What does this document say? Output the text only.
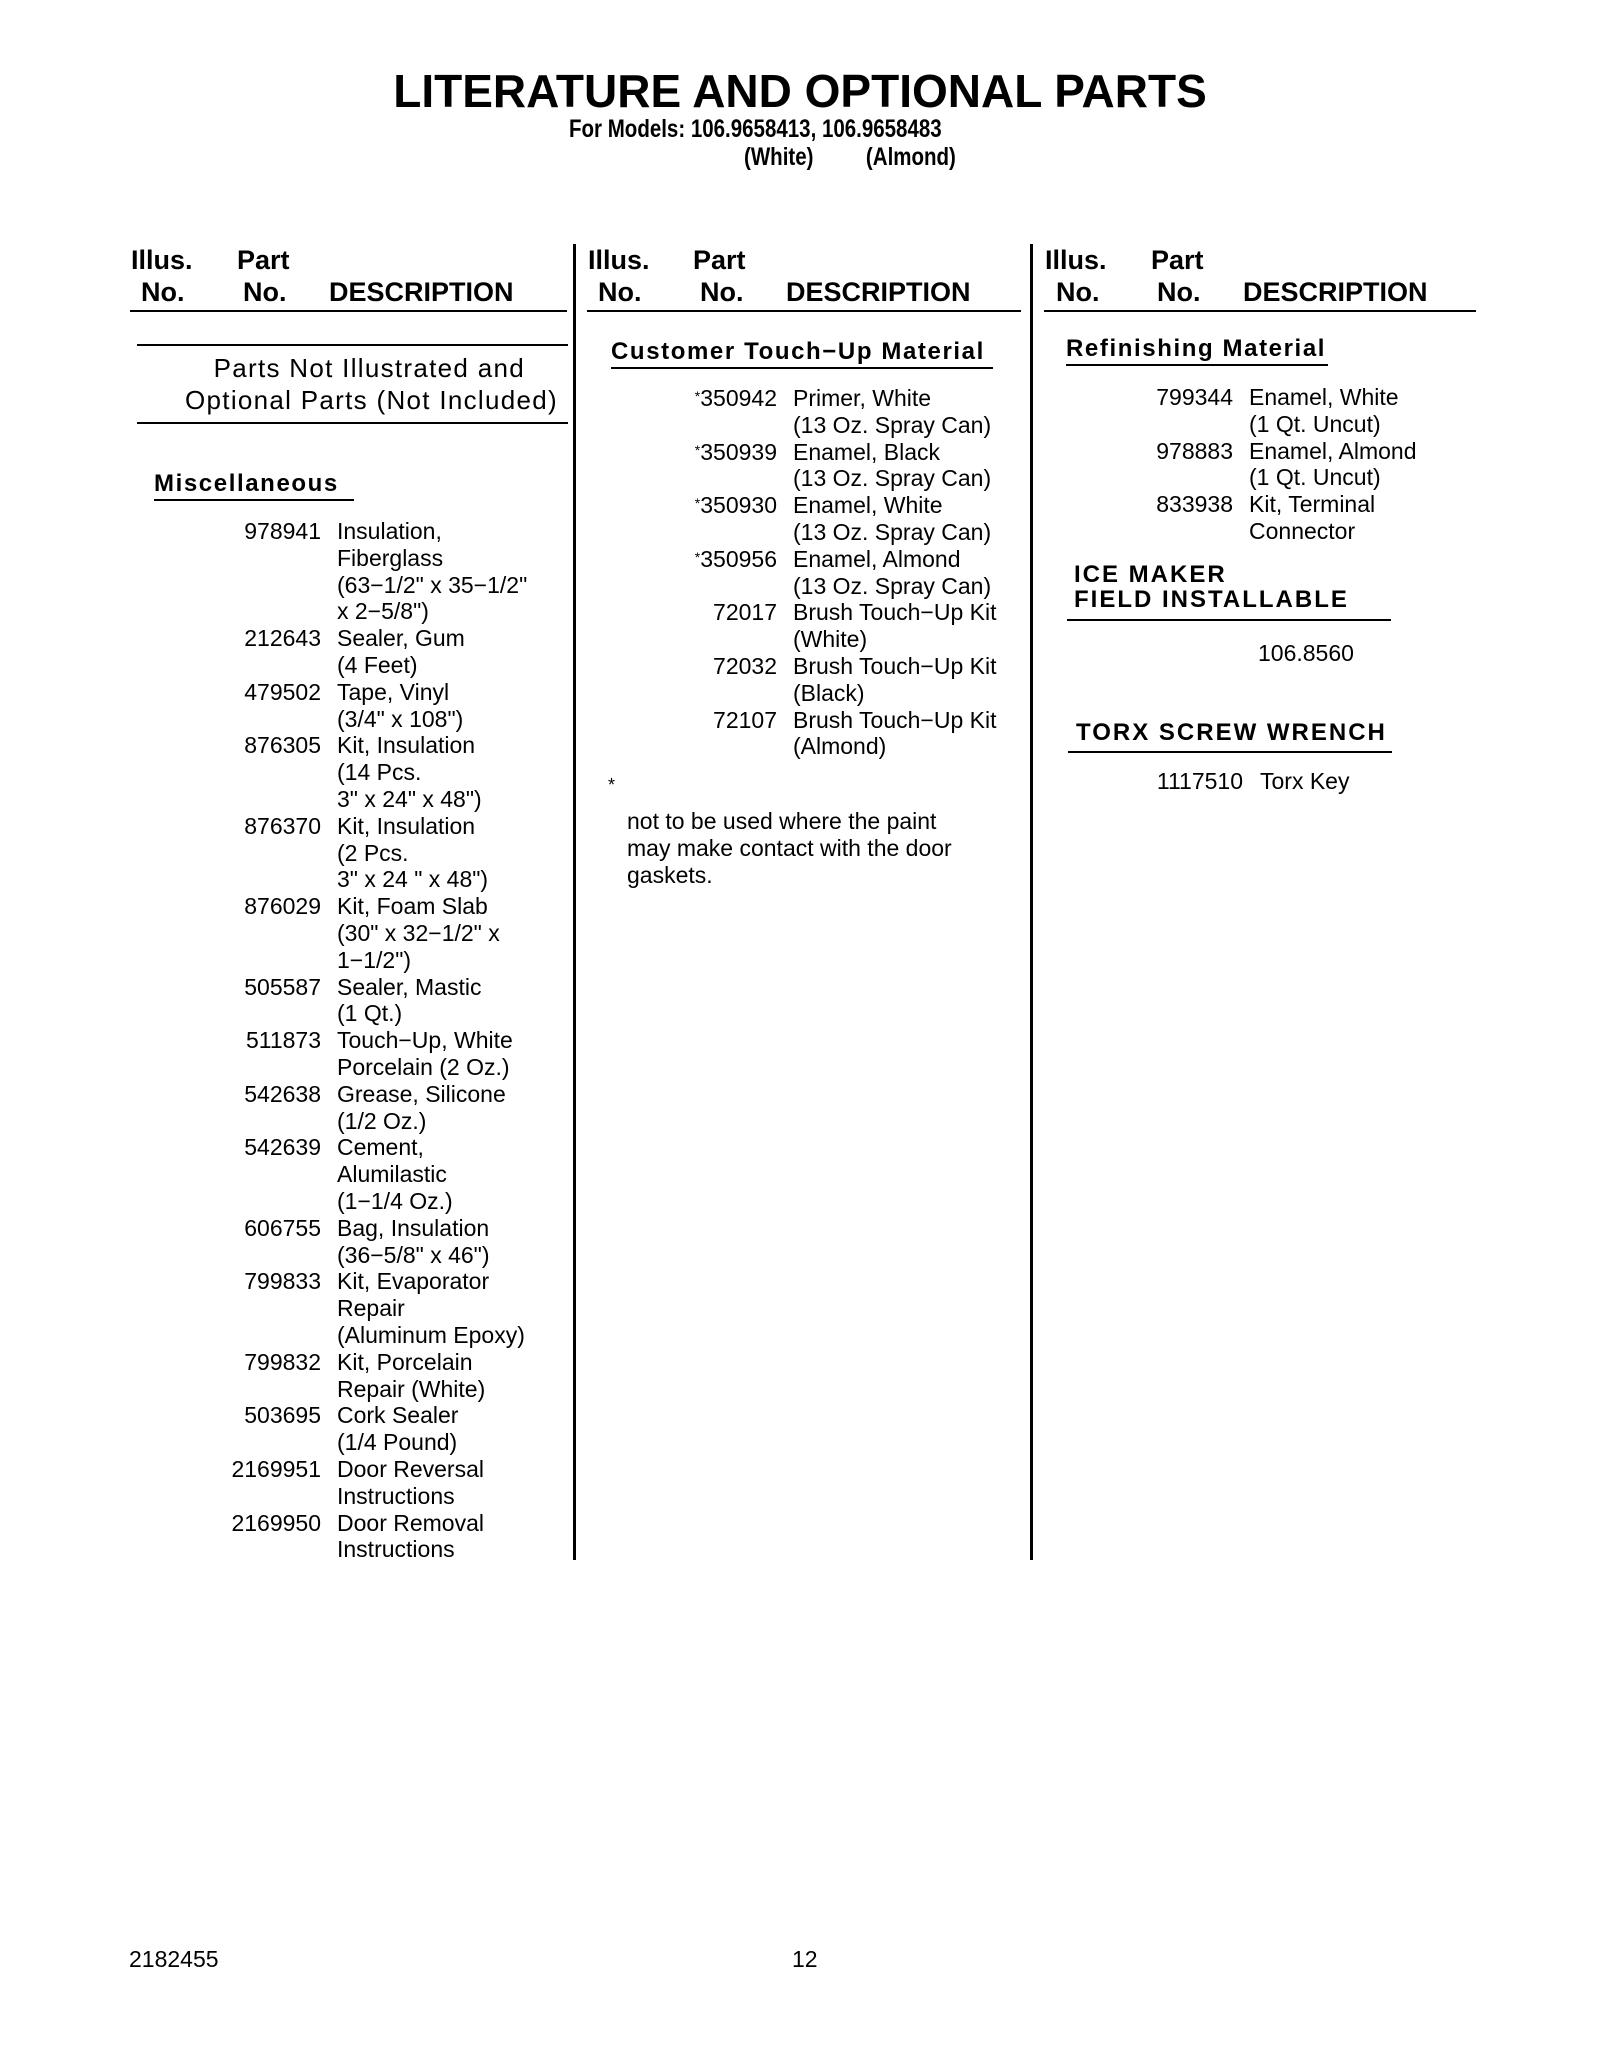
LITERATURE AND OPTIONAL PARTS
For Models: 106.9658413, 106.9658483
(White) (Almond)
Illus. Part
No. No. DESCRIPTION
Illus. Part
No. No. DESCRIPTION
Illus. Part
No. No. DESCRIPTION
Parts Not Illustrated and
Optional Parts (Not Included)
Miscellaneous
978941 Insulation,
Fiberglass
(63−1/2" x 35−1/2"
x 2−5/8")
212643 Sealer, Gum
(4 Feet)
479502 Tape, Vinyl
(3/4" x 108")
876305 Kit, Insulation
(14 Pcs.
3" x 24" x 48")
876370 Kit, Insulation
(2 Pcs.
3" x 24 " x 48")
876029 Kit, Foam Slab
(30" x 32−1/2" x
1−1/2")
505587 Sealer, Mastic
(1 Qt.)
511873 Touch−Up, White
Porcelain (2 Oz.)
542638 Grease, Silicone
(1/2 Oz.)
542639 Cement,
Alumilastic
(1−1/4 Oz.)
606755 Bag, Insulation
(36−5/8" x 46")
799833 Kit, Evaporator
Repair
(Aluminum Epoxy)
799832 Kit, Porcelain
Repair (White)
503695 Cork Sealer
(1/4 Pound)
2169951 Door Reversal
Instructions
2169950 Door Removal
Instructions
Customer Touch−Up Material
*350942 Primer, White
(13 Oz. Spray Can)
*350939 Enamel, Black
(13 Oz. Spray Can)
*350930 Enamel, White
(13 Oz. Spray Can)
*350956 Enamel, Almond
(13 Oz. Spray Can)
72017 Brush Touch−Up Kit
(White)
72032 Brush Touch−Up Kit
(Black)
72107 Brush Touch−Up Kit
(Almond)
*
not to be used where the paint
may make contact with the door
gaskets.
Refinishing Material
799344 Enamel, White
(1 Qt. Uncut)
978883 Enamel, Almond
(1 Qt. Uncut)
833938 Kit, Terminal
Connector
ICE MAKER
FIELD INSTALLABLE
106.8560
TORX SCREW WRENCH
1117510 Torx Key
2182455	12
